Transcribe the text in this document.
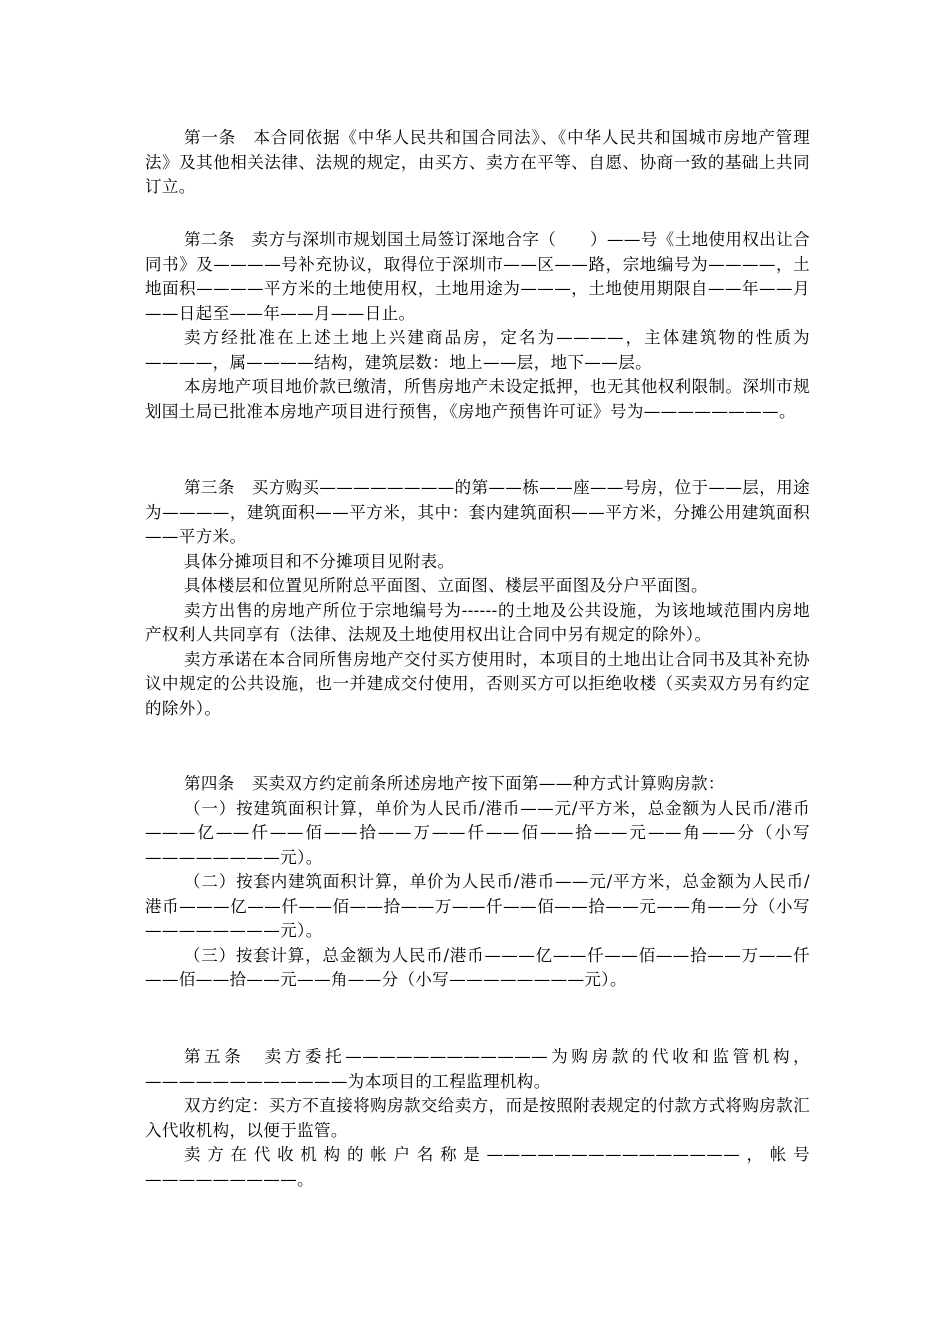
第一条　本合同依据《中华人民共和国合同法》、《中华人民共和国城市房地产管理法》及其他相关法律、法规的规定，由买方、卖方在平等、自愿、协商一致的基础上共同订立。

第二条　卖方与深圳市规划国土局签订深地合字（　　）——号《土地使用权出让合同书》及————号补充协议，取得位于深圳市——区——路，宗地编号为————，土地面积————平方米的土地使用权，土地用途为———，土地使用期限自——年——月——日起至——年——月——日止。

卖方经批准在上述土地上兴建商品房，定名为————，主体建筑物的性质为————，属————结构，建筑层数：地上——层，地下——层。

本房地产项目地价款已缴清，所售房地产未设定抵押，也无其他权利限制。深圳市规划国土局已批准本房地产项目进行预售，《房地产预售许可证》号为————————。

第三条　买方购买————————的第——栋——座——号房，位于——层，用途为————，建筑面积——平方米，其中：套内建筑面积——平方米，分摊公用建筑面积——平方米。

具体分摊项目和不分摊项目见附表。

具体楼层和位置见所附总平面图、立面图、楼层平面图及分户平面图。

卖方出售的房地产所位于宗地编号为------的土地及公共设施，为该地域范围内房地产权利人共同享有（法律、法规及土地使用权出让合同中另有规定的除外）。

卖方承诺在本合同所售房地产交付买方使用时，本项目的土地出让合同书及其补充协议中规定的公共设施，也一并建成交付使用，否则买方可以拒绝收楼（买卖双方另有约定的除外）。

第四条　买卖双方约定前条所述房地产按下面第——种方式计算购房款：

（一）按建筑面积计算，单价为人民币/港币——元/平方米，总金额为人民币/港币———亿——仟——佰——拾——万——仟——佰——拾——元——角——分（小写————————元）。

（二）按套内建筑面积计算，单价为人民币/港币——元/平方米，总金额为人民币/港币———亿——仟——佰——拾——万——仟——佰——拾——元——角——分（小写————————元）。

（三）按套计算，总金额为人民币/港币———亿——仟——佰——拾——万——仟——佰——拾——元——角——分（小写————————元）。

第五条　卖方委托————————————为购房款的代收和监管机构，————————————为本项目的工程监理机构。

双方约定：买方不直接将购房款交给卖方，而是按照附表规定的付款方式将购房款汇入代收机构，以便于监管。

卖方在代收机构的帐户名称是———————————————，帐号—————————。
